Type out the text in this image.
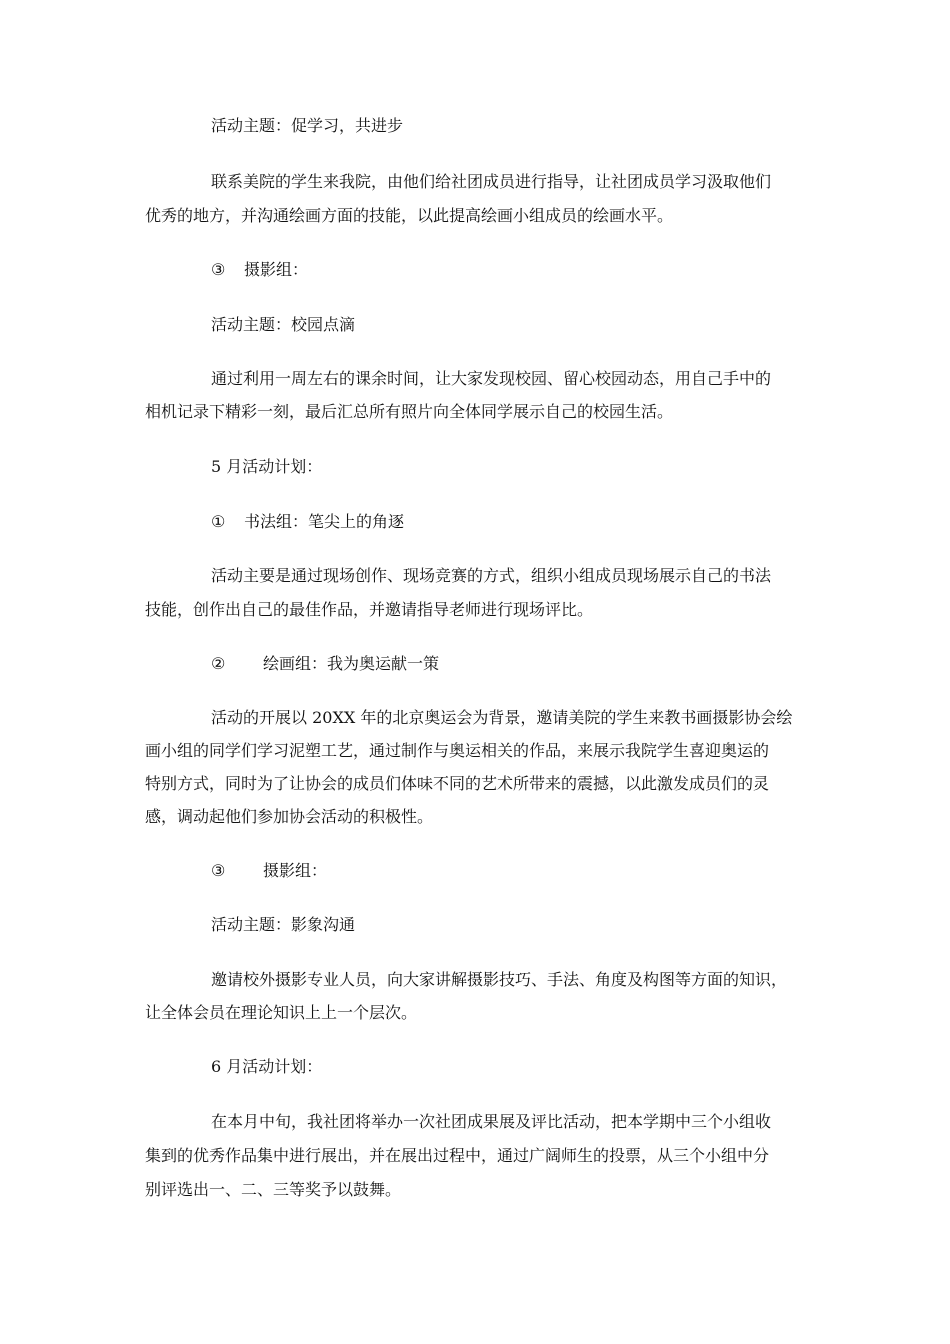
活动主题：促学习，共进步
联系美院的学生来我院，由他们给社团成员进行指导，让社团成员学习汲取他们
优秀的地方，并沟通绘画方面的技能，以此提高绘画小组成员的绘画水平。
③ 摄影组：
活动主题：校园点滴
通过利用一周左右的课余时间，让大家发现校园、留心校园动态，用自己手中的
相机记录下精彩一刻，最后汇总所有照片向全体同学展示自己的校园生活。
5 月活动计划：
① 书法组：笔尖上的角逐
活动主要是通过现场创作、现场竞赛的方式，组织小组成员现场展示自己的书法
技能，创作出自己的最佳作品，并邀请指导老师进行现场评比。
② 绘画组：我为奥运献一策
活动的开展以 20XX 年的北京奥运会为背景，邀请美院的学生来教书画摄影协会绘
画小组的同学们学习泥塑工艺，通过制作与奥运相关的作品，来展示我院学生喜迎奥运的
特别方式，同时为了让协会的成员们体味不同的艺术所带来的震撼，以此激发成员们的灵
感，调动起他们参加协会活动的积极性。
③ 摄影组：
活动主题：影象沟通
邀请校外摄影专业人员，向大家讲解摄影技巧、手法、角度及构图等方面的知识，
让全体会员在理论知识上上一个层次。
6 月活动计划：
在本月中旬，我社团将举办一次社团成果展及评比活动，把本学期中三个小组收
集到的优秀作品集中进行展出，并在展出过程中，通过广阔师生的投票，从三个小组中分
别评选出一、二、三等奖予以鼓舞。
